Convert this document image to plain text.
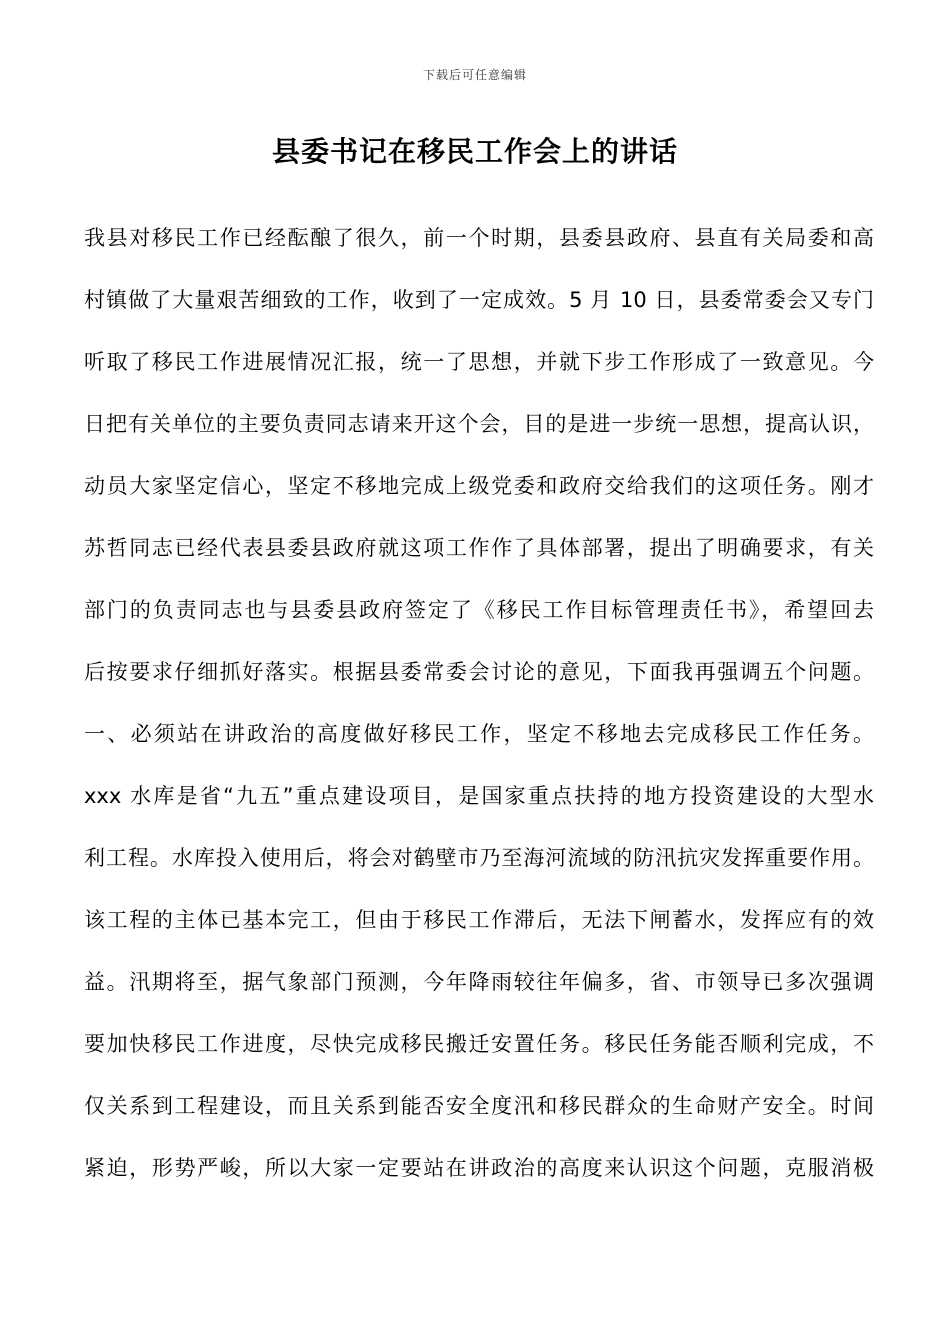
下载后可任意编辑
县委书记在移民工作会上的讲话
我县对移民工作已经酝酿了很久，前一个时期，县委县政府、县直有关局委和高
村镇做了大量艰苦细致的工作，收到了一定成效。5 月 10 日，县委常委会又专门
听取了移民工作进展情况汇报，统一了思想，并就下步工作形成了一致意见。今
日把有关单位的主要负责同志请来开这个会，目的是进一步统一思想，提高认识，
动员大家坚定信心，坚定不移地完成上级党委和政府交给我们的这项任务。刚才
苏哲同志已经代表县委县政府就这项工作作了具体部署，提出了明确要求，有关
部门的负责同志也与县委县政府签定了《移民工作目标管理责任书》，希望回去
后按要求仔细抓好落实。根据县委常委会讨论的意见，下面我再强调五个问题。
一、必须站在讲政治的高度做好移民工作，坚定不移地去完成移民工作任务。
xxx 水库是省“九五”重点建设项目，是国家重点扶持的地方投资建设的大型水
利工程。水库投入使用后，将会对鹤壁市乃至海河流域的防汛抗灾发挥重要作用。
该工程的主体已基本完工，但由于移民工作滞后，无法下闸蓄水，发挥应有的效
益。汛期将至，据气象部门预测，今年降雨较往年偏多，省、市领导已多次强调
要加快移民工作进度，尽快完成移民搬迁安置任务。移民任务能否顺利完成，不
仅关系到工程建设，而且关系到能否安全度汛和移民群众的生命财产安全。时间
紧迫，形势严峻，所以大家一定要站在讲政治的高度来认识这个问题，克服消极
